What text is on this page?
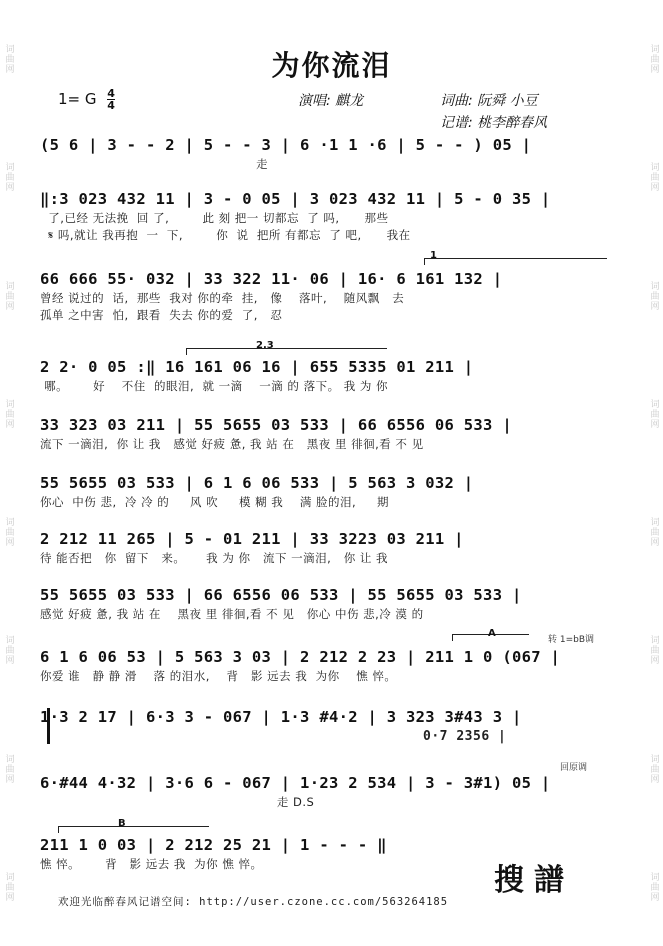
词曲网
词曲网
词曲网
词曲网
词曲网
词曲网
词曲网
词曲网
词曲网
词曲网
词曲网
词曲网
词曲网
词曲网
词曲网
词曲网
为你流泪
1= G $\frac{4}{4}$	演唱: 麒龙	词曲: 阮舜 小豆
记谱: 桃李醉春风
(5 6 | 3 - - 2 | 5 - - 3 | 6 ·1 1 ·6 | 5 - - ) 05 |
走
‖:3 023 432 11 | 3 - 0 05 | 3 023 432 11 | 5 - 0 35 |
了,已经 无法挽  回 了,        此 刻 把一 切都忘  了 吗,      那些
𝄋 吗,就让 我再抱  一  下,        你  说  把所 有都忘  了 吧,      我在
1
66 666 55· 032 | 33 322 11· 06 | 16· 6 161 132 |
曾经 说过的  话,  那些  我对 你的牵  挂,   像    落叶,    随风飘   去
孤单 之中害  怕,  跟看  失去 你的爱  了,   忍
2.3
2 2· 0 05 :‖ 16 161 06 16 | 655 5335 01 211 |
哪。      好    不住  的眼泪,  就 一滴    一滴 的 落下。 我 为 你
33 323 03 211 | 55 5655 03 533 | 66 6556 06 533 |
流下 一滴泪,  你 让 我   感觉 好疲 惫, 我 站 在   黑夜 里 徘徊,看 不 见
55 5655 03 533 | 6 1 6 06 533 | 5 563 3 032 |
你心  中伤 悲,  冷 冷 的     风 吹     模 糊 我    满 脸的泪,     期
2 212 11 265 | 5 - 01 211 | 33 3223 03 211 |
待 能否把   你  留下   来。     我 为 你   流下 一滴泪,   你 让 我
55 5655 03 533 | 66 6556 06 533 | 55 5655 03 533 |
感觉 好疲 惫, 我 站 在    黑夜 里 徘徊,看 不 见   你心 中伤 悲,冷 漠 的
A
转 1=bB调
6 1 6 06 53 | 5 563 3 03 | 2 212 2 23 | 211 1 0 (067 |
你爱 谁   静 静 滑    落 的泪水,    背   影 远去 我  为你    憔 悴。
1·3 2 17 | 6·3 3 - 067 | 1·3 #4·2 | 3 323 3#43 3 |
0·7 2356 |
回原调
6·#44 4·32 | 3·6 6 - 067 | 1·23 2 534 | 3 - 3#1) 05 |
走 D.S
B
211 1 0 03 | 2 212 25 21 | 1 - - - ‖
憔 悴。      背   影 远去 我  为你 憔 悴。	搜譜
欢迎光临醉春风记谱空间: http://user.czone.cc.com/563264185
